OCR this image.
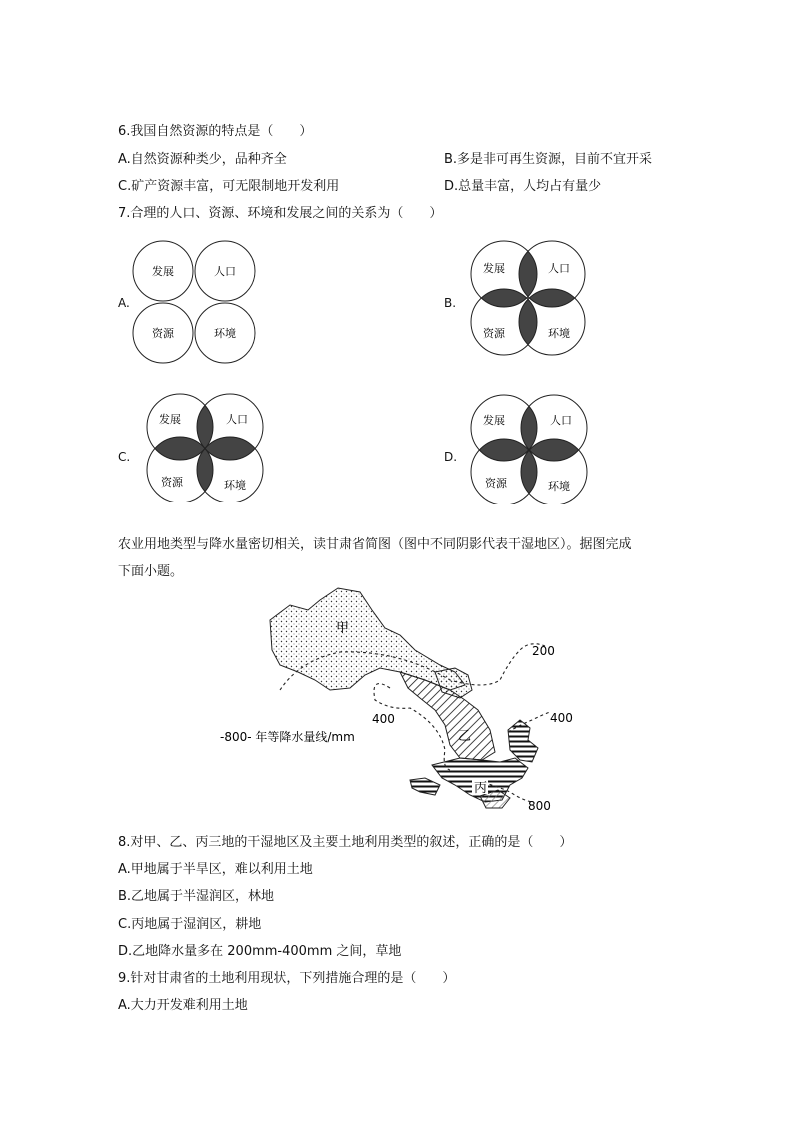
6.我国自然资源的特点是（　　）
A.自然资源种类少，品种齐全	B.多是非可再生资源，目前不宜开采
C.矿产资源丰富，可无限制地开发利用	D.总量丰富，人均占有量少
7.合理的人口、资源、环境和发展之间的关系为（　　）
A.	B.
C.	D.
发展	人口
资源	环境
发展	人口
资源	环境
发展	人口
资源	环境
发展	人口
资源	环境
农业用地类型与降水量密切相关，读甘肃省简图（图中不同阴影代表干湿地区）。据图完成
下面小题。
甲
乙
丙
200
400	400
800
-800- 年等降水量线/mm
8.对甲、乙、丙三地的干湿地区及主要土地利用类型的叙述，正确的是（　　）
A.甲地属于半旱区，难以利用土地
B.乙地属于半湿润区，林地
C.丙地属于湿润区，耕地
D.乙地降水量多在 200mm-400mm 之间，草地
9.针对甘肃省的土地利用现状，下列措施合理的是（　　）
A.大力开发难利用土地
